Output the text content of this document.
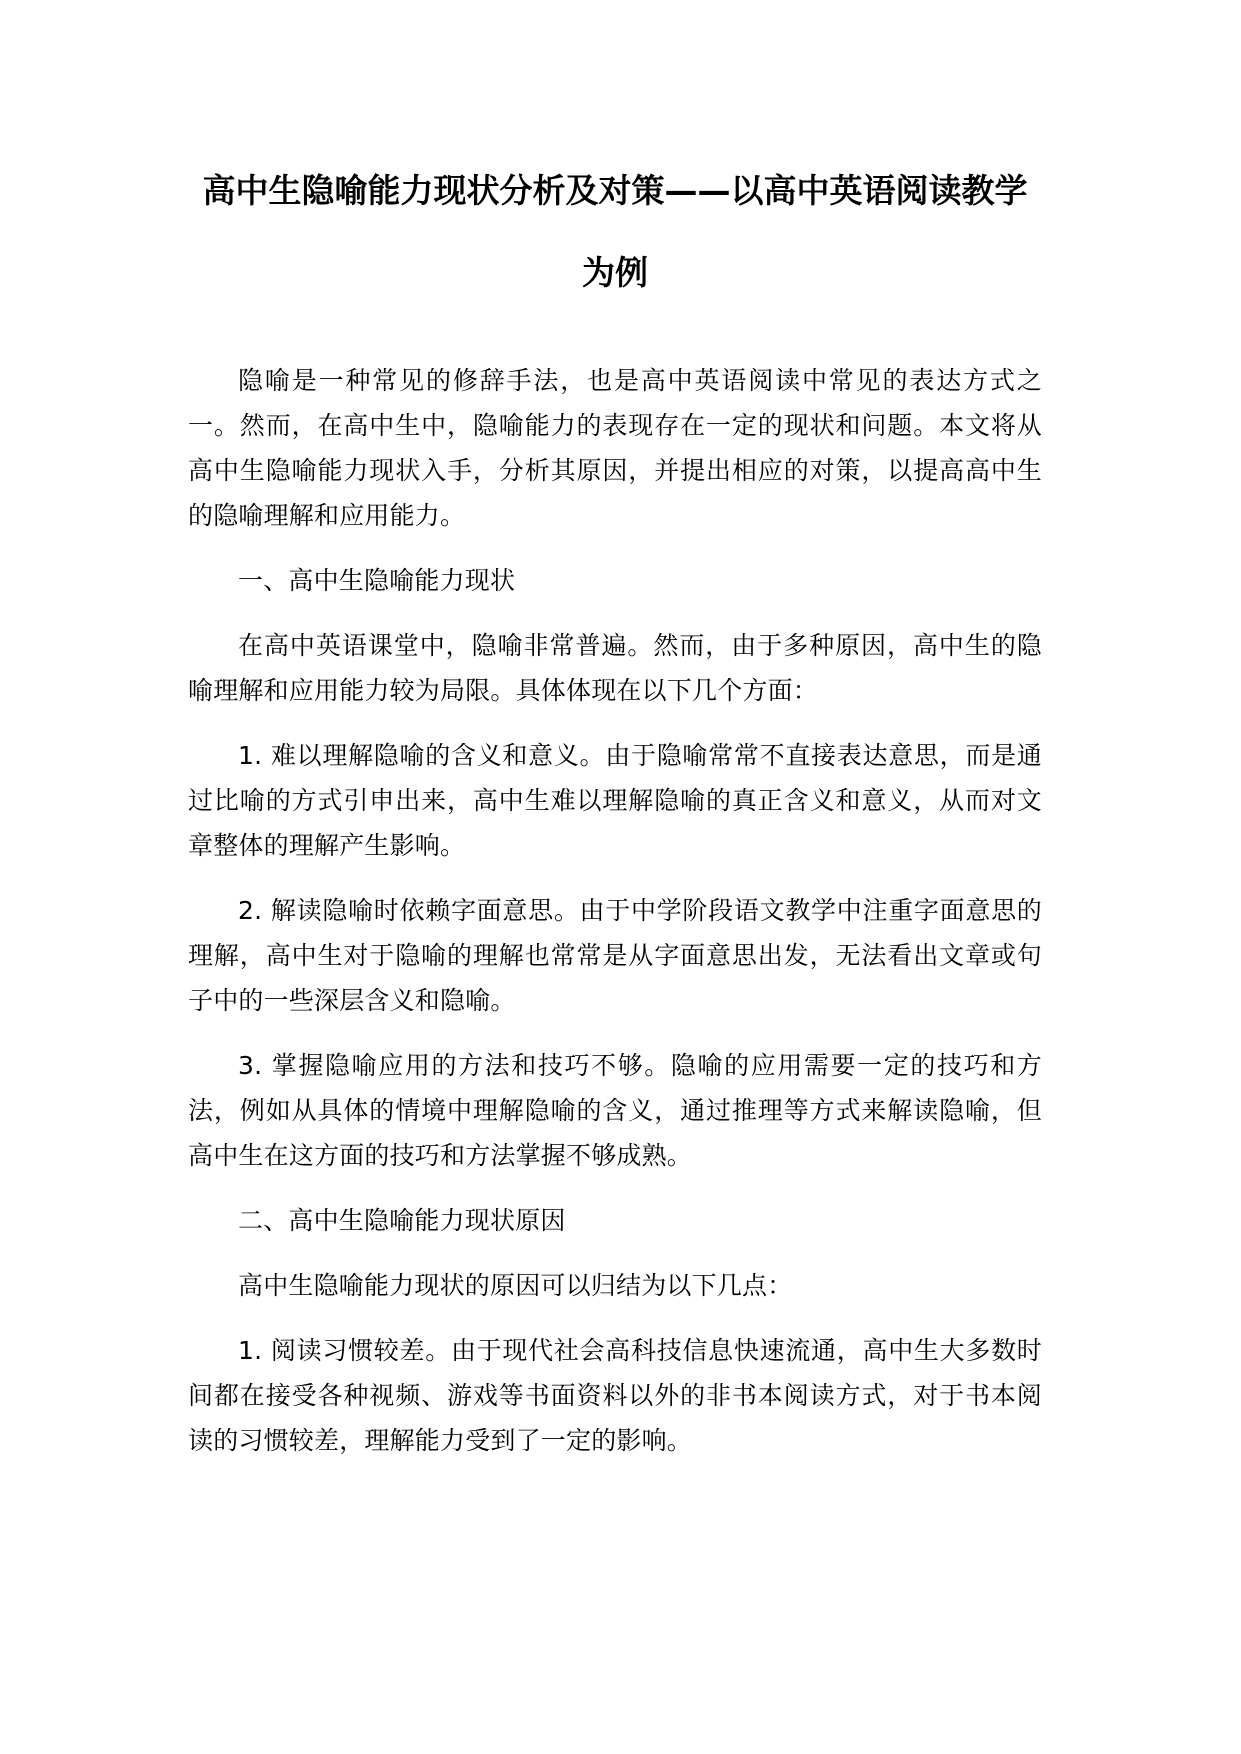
高中生隐喻能力现状分析及对策——以高中英语阅读教学为例

隐喻是一种常见的修辞手法，也是高中英语阅读中常见的表达方式之一。然而，在高中生中，隐喻能力的表现存在一定的现状和问题。本文将从高中生隐喻能力现状入手，分析其原因，并提出相应的对策，以提高高中生的隐喻理解和应用能力。

一、高中生隐喻能力现状

在高中英语课堂中，隐喻非常普遍。然而，由于多种原因，高中生的隐喻理解和应用能力较为局限。具体体现在以下几个方面：

1. 难以理解隐喻的含义和意义。由于隐喻常常不直接表达意思，而是通过比喻的方式引申出来，高中生难以理解隐喻的真正含义和意义，从而对文章整体的理解产生影响。

2. 解读隐喻时依赖字面意思。由于中学阶段语文教学中注重字面意思的理解，高中生对于隐喻的理解也常常是从字面意思出发，无法看出文章或句子中的一些深层含义和隐喻。

3. 掌握隐喻应用的方法和技巧不够。隐喻的应用需要一定的技巧和方法，例如从具体的情境中理解隐喻的含义，通过推理等方式来解读隐喻，但高中生在这方面的技巧和方法掌握不够成熟。

二、高中生隐喻能力现状原因

高中生隐喻能力现状的原因可以归结为以下几点：

1. 阅读习惯较差。由于现代社会高科技信息快速流通，高中生大多数时间都在接受各种视频、游戏等书面资料以外的非书本阅读方式，对于书本阅读的习惯较差，理解能力受到了一定的影响。
